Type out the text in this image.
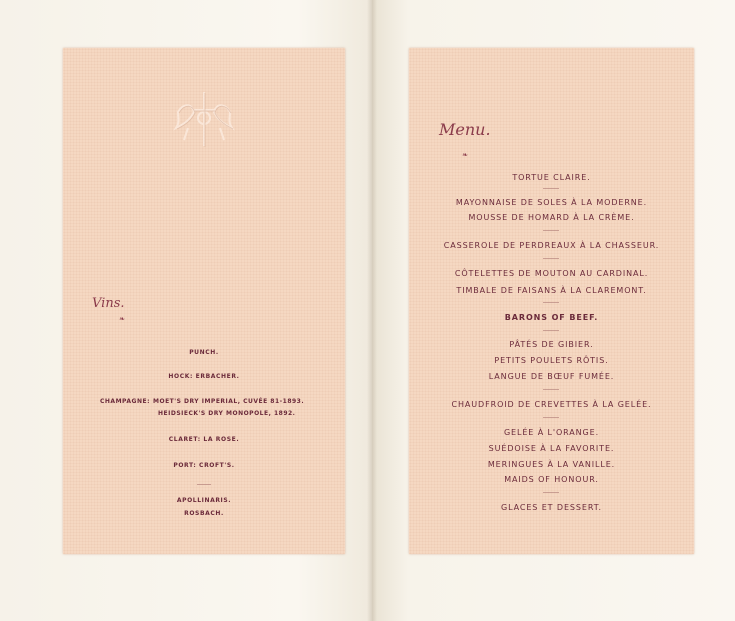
Vins.
❧
PUNCH.
HOCK: ERBACHER.
CHAMPAGNE: MOET'S DRY IMPERIAL, CUVÉE 81-1893.
HEIDSIECK'S DRY MONOPOLE, 1892.
CLARET: LA ROSE.
PORT: CROFT'S.
APOLLINARIS.
ROSBACH.
Menu.
❧
TORTUE CLAIRE.
MAYONNAISE DE SOLES À LA MODERNE.
MOUSSE DE HOMARD À LA CRÈME.
CASSEROLE DE PERDREAUX À LA CHASSEUR.
CÔTELETTES DE MOUTON AU CARDINAL.
TIMBALE DE FAISANS À LA CLAREMONT.
BARONS OF BEEF.
PÂTÉS DE GIBIER.
PETITS POULETS RÔTIS.
LANGUE DE BŒUF FUMÉE.
CHAUDFROID DE CREVETTES À LA GELÉE.
GELÉE À L'ORANGE.
SUÉDOISE À LA FAVORITE.
MERINGUES À LA VANILLE.
MAIDS OF HONOUR.
GLACES ET DESSERT.
